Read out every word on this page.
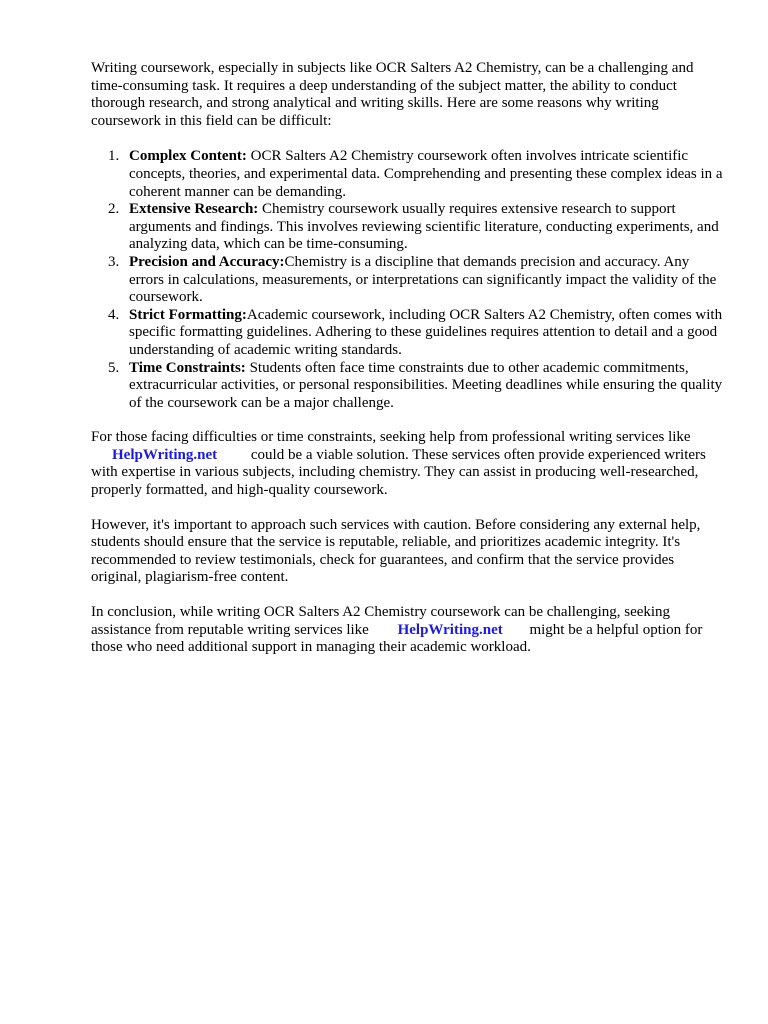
Writing coursework, especially in subjects like OCR Salters A2 Chemistry, can be a challenging and time-consuming task. It requires a deep understanding of the subject matter, the ability to conduct thorough research, and strong analytical and writing skills. Here are some reasons why writing coursework in this field can be difficult:

1. Complex Content: OCR Salters A2 Chemistry coursework often involves intricate scientific concepts, theories, and experimental data. Comprehending and presenting these complex ideas in a coherent manner can be demanding.
2. Extensive Research: Chemistry coursework usually requires extensive research to support arguments and findings. This involves reviewing scientific literature, conducting experiments, and analyzing data, which can be time-consuming.
3. Precision and Accuracy:Chemistry is a discipline that demands precision and accuracy. Any errors in calculations, measurements, or interpretations can significantly impact the validity of the coursework.
4. Strict Formatting:Academic coursework, including OCR Salters A2 Chemistry, often comes with specific formatting guidelines. Adhering to these guidelines requires attention to detail and a good understanding of academic writing standards.
5. Time Constraints: Students often face time constraints due to other academic commitments, extracurricular activities, or personal responsibilities. Meeting deadlines while ensuring the quality of the coursework can be a major challenge.

For those facing difficulties or time constraints, seeking help from professional writing services like HelpWriting.net could be a viable solution. These services often provide experienced writers with expertise in various subjects, including chemistry. They can assist in producing well-researched, properly formatted, and high-quality coursework.

However, it's important to approach such services with caution. Before considering any external help, students should ensure that the service is reputable, reliable, and prioritizes academic integrity. It's recommended to review testimonials, check for guarantees, and confirm that the service provides original, plagiarism-free content.

In conclusion, while writing OCR Salters A2 Chemistry coursework can be challenging, seeking assistance from reputable writing services like HelpWriting.net might be a helpful option for those who need additional support in managing their academic workload.
